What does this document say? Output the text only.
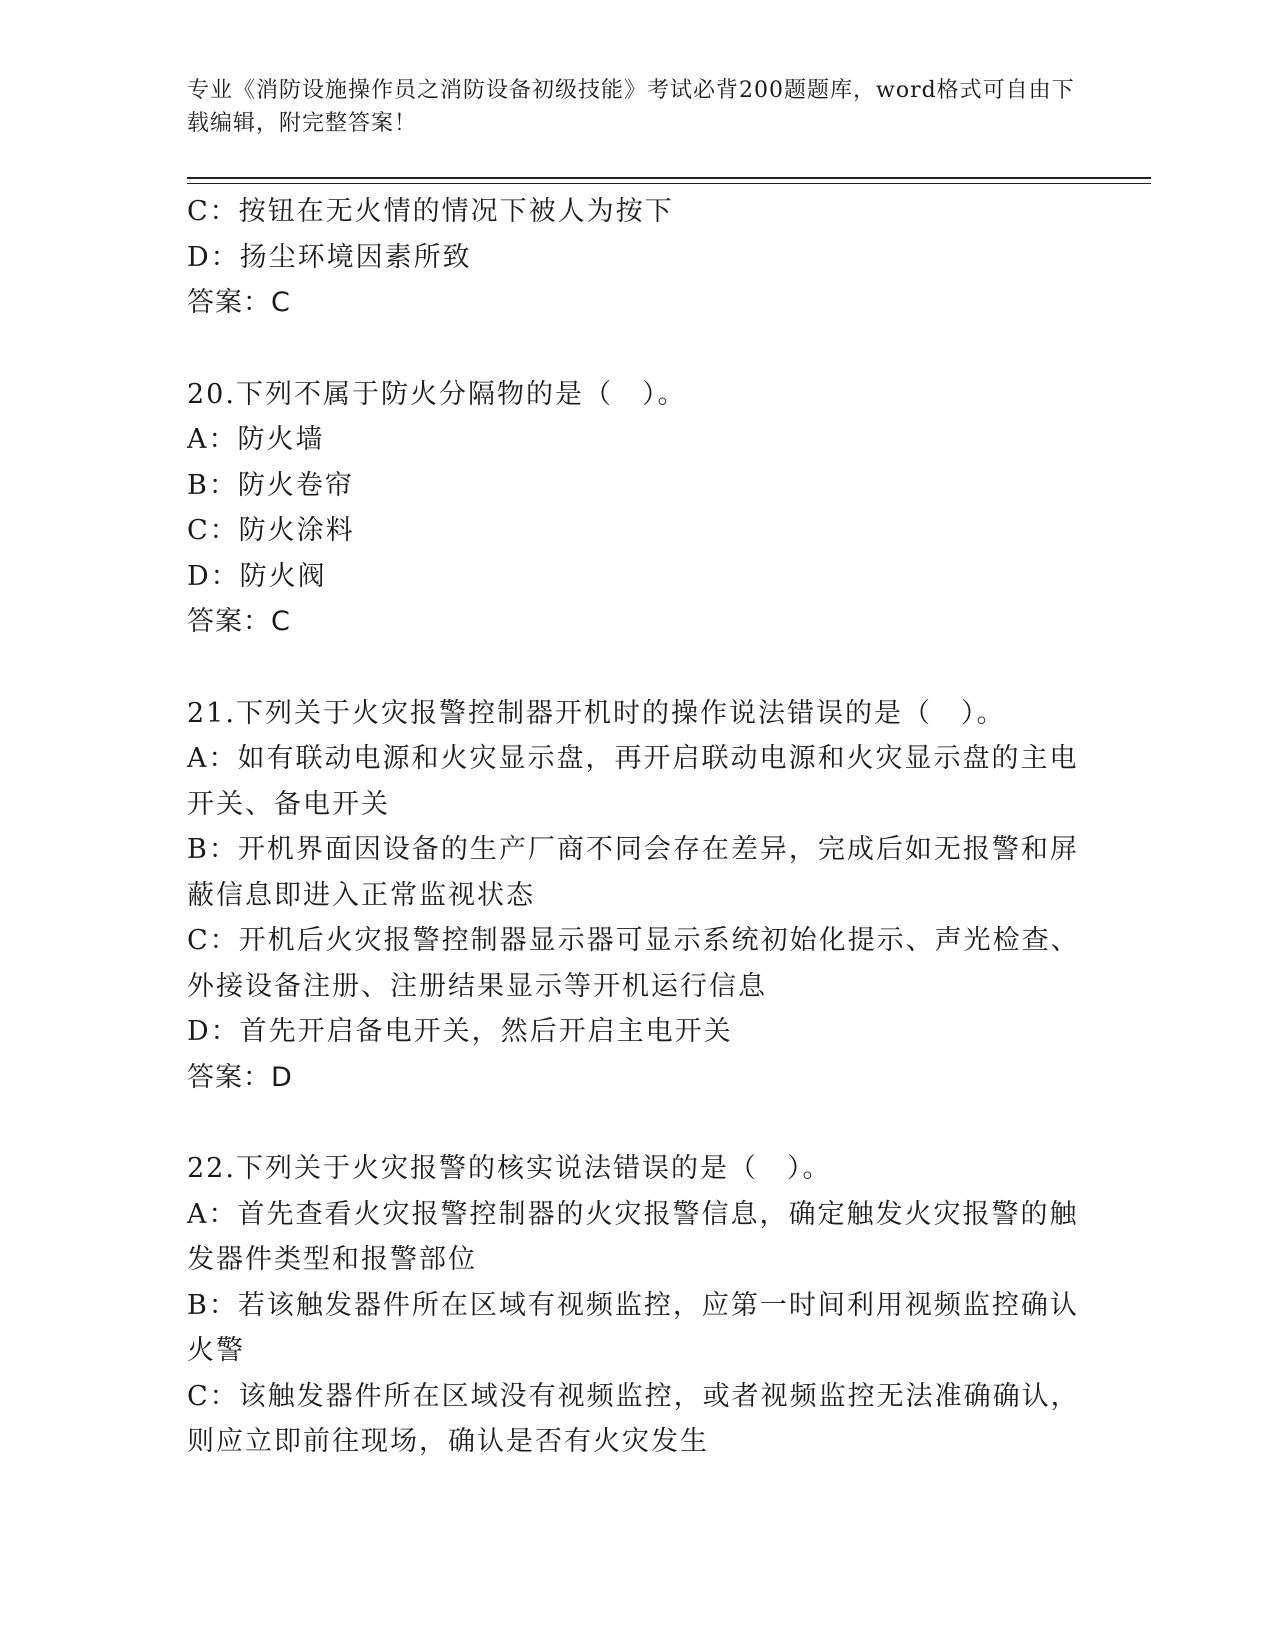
专业《消防设施操作员之消防设备初级技能》考试必背200题题库，word格式可自由下载编辑，附完整答案！
C：按钮在无火情的情况下被人为按下
D：扬尘环境因素所致
答案：C
20.下列不属于防火分隔物的是（　）。
A：防火墙
B：防火卷帘
C：防火涂料
D：防火阀
答案：C
21.下列关于火灾报警控制器开机时的操作说法错误的是（　）。
A：如有联动电源和火灾显示盘，再开启联动电源和火灾显示盘的主电开关、备电开关
B：开机界面因设备的生产厂商不同会存在差异，完成后如无报警和屏蔽信息即进入正常监视状态
C：开机后火灾报警控制器显示器可显示系统初始化提示、声光检查、外接设备注册、注册结果显示等开机运行信息
D：首先开启备电开关，然后开启主电开关
答案：D
22.下列关于火灾报警的核实说法错误的是（　）。
A：首先查看火灾报警控制器的火灾报警信息，确定触发火灾报警的触发器件类型和报警部位
B：若该触发器件所在区域有视频监控，应第一时间利用视频监控确认火警
C：该触发器件所在区域没有视频监控，或者视频监控无法准确确认，则应立即前往现场，确认是否有火灾发生
